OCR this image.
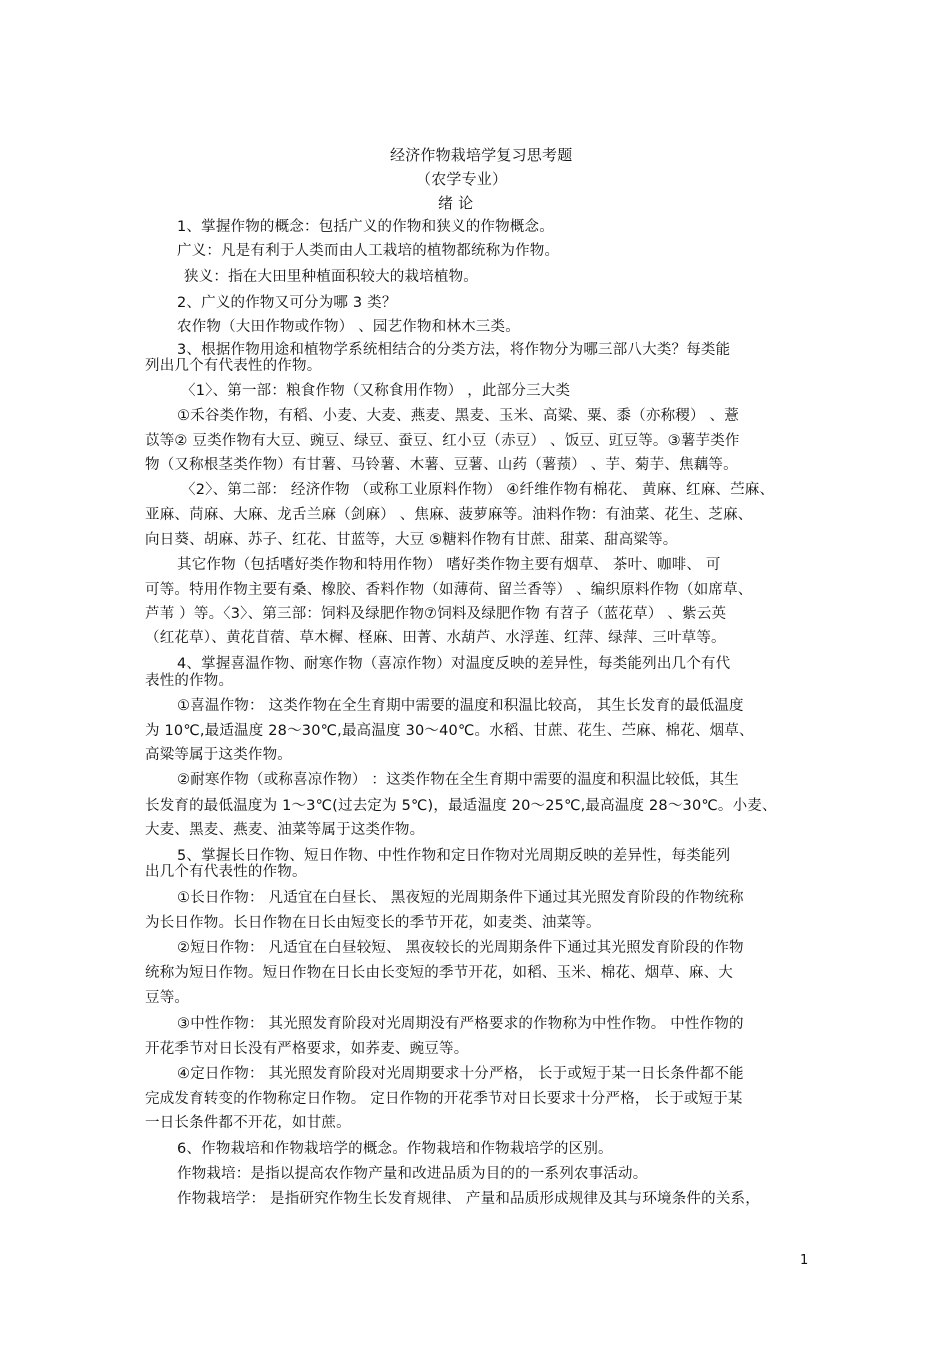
经济作物栽培学复习思考题
（农学专业）
绪 论
1、掌握作物的概念：包括广义的作物和狭义的作物概念。
广义：凡是有利于人类而由人工栽培的植物都统称为作物。
狭义：指在大田里种植面积较大的栽培植物。
2、广义的作物又可分为哪 3 类？
农作物（大田作物或作物） 、园艺作物和林木三类。
3、根据作物用途和植物学系统相结合的分类方法，将作物分为哪三部八大类？每类能
列出几个有代表性的作物。
〈1〉、第一部：粮食作物（又称食用作物） ，此部分三大类
①禾谷类作物，有稻、小麦、大麦、燕麦、黑麦、玉米、高粱、粟、黍（亦称稷） 、薏
苡等② 豆类作物有大豆、豌豆、绿豆、蚕豆、红小豆（赤豆） 、饭豆、豇豆等。③薯芋类作
物（又称根茎类作物）有甘薯、马铃薯、木薯、豆薯、山药（薯蓣） 、芋、菊芋、焦藕等。
〈2〉、第二部： 经济作物 （或称工业原料作物） ④纤维作物有棉花、 黄麻、红麻、苎麻、
亚麻、苘麻、大麻、龙舌兰麻（剑麻） 、焦麻、菠萝麻等。油料作物：有油菜、花生、芝麻、
向日葵、胡麻、苏子、红花、甘蓝等，大豆 ⑤糖料作物有甘蔗、甜菜、甜高粱等。
其它作物（包括嗜好类作物和特用作物） 嗜好类作物主要有烟草、 茶叶、咖啡、 可
可等。特用作物主要有桑、橡胶、香料作物（如薄荷、留兰香等） 、编织原料作物（如席草、
芦苇 ）等。〈3〉、第三部：饲料及绿肥作物⑦饲料及绿肥作物 有苕子（蓝花草） 、紫云英
（红花草）、黄花苜蓿、草木樨、柽麻、田菁、水葫芦、水浮莲、红萍、绿萍、三叶草等。
4、掌握喜温作物、耐寒作物（喜凉作物）对温度反映的差异性，每类能列出几个有代
表性的作物。
①喜温作物： 这类作物在全生育期中需要的温度和积温比较高， 其生长发育的最低温度
为 10℃,最适温度 28～30℃,最高温度 30～40℃。水稻、甘蔗、花生、苎麻、棉花、烟草、
高粱等属于这类作物。
②耐寒作物（或称喜凉作物） ：这类作物在全生育期中需要的温度和积温比较低，其生
长发育的最低温度为 1～3℃(过去定为 5℃)，最适温度 20～25℃,最高温度 28～30℃。小麦、
大麦、黑麦、燕麦、油菜等属于这类作物。
5、掌握长日作物、短日作物、中性作物和定日作物对光周期反映的差异性，每类能列
出几个有代表性的作物。
①长日作物： 凡适宜在白昼长、 黑夜短的光周期条件下通过其光照发育阶段的作物统称
为长日作物。长日作物在日长由短变长的季节开花，如麦类、油菜等。
②短日作物： 凡适宜在白昼较短、 黑夜较长的光周期条件下通过其光照发育阶段的作物
统称为短日作物。短日作物在日长由长变短的季节开花，如稻、玉米、棉花、烟草、麻、大
豆等。
③中性作物： 其光照发育阶段对光周期没有严格要求的作物称为中性作物。 中性作物的
开花季节对日长没有严格要求，如荞麦、豌豆等。
④定日作物： 其光照发育阶段对光周期要求十分严格， 长于或短于某一日长条件都不能
完成发育转变的作物称定日作物。 定日作物的开花季节对日长要求十分严格， 长于或短于某
一日长条件都不开花，如甘蔗。
6、作物栽培和作物栽培学的概念。作物栽培和作物栽培学的区别。
作物栽培：是指以提高农作物产量和改进品质为目的的一系列农事活动。
作物栽培学： 是指研究作物生长发育规律、 产量和品质形成规律及其与环境条件的关系，
1
